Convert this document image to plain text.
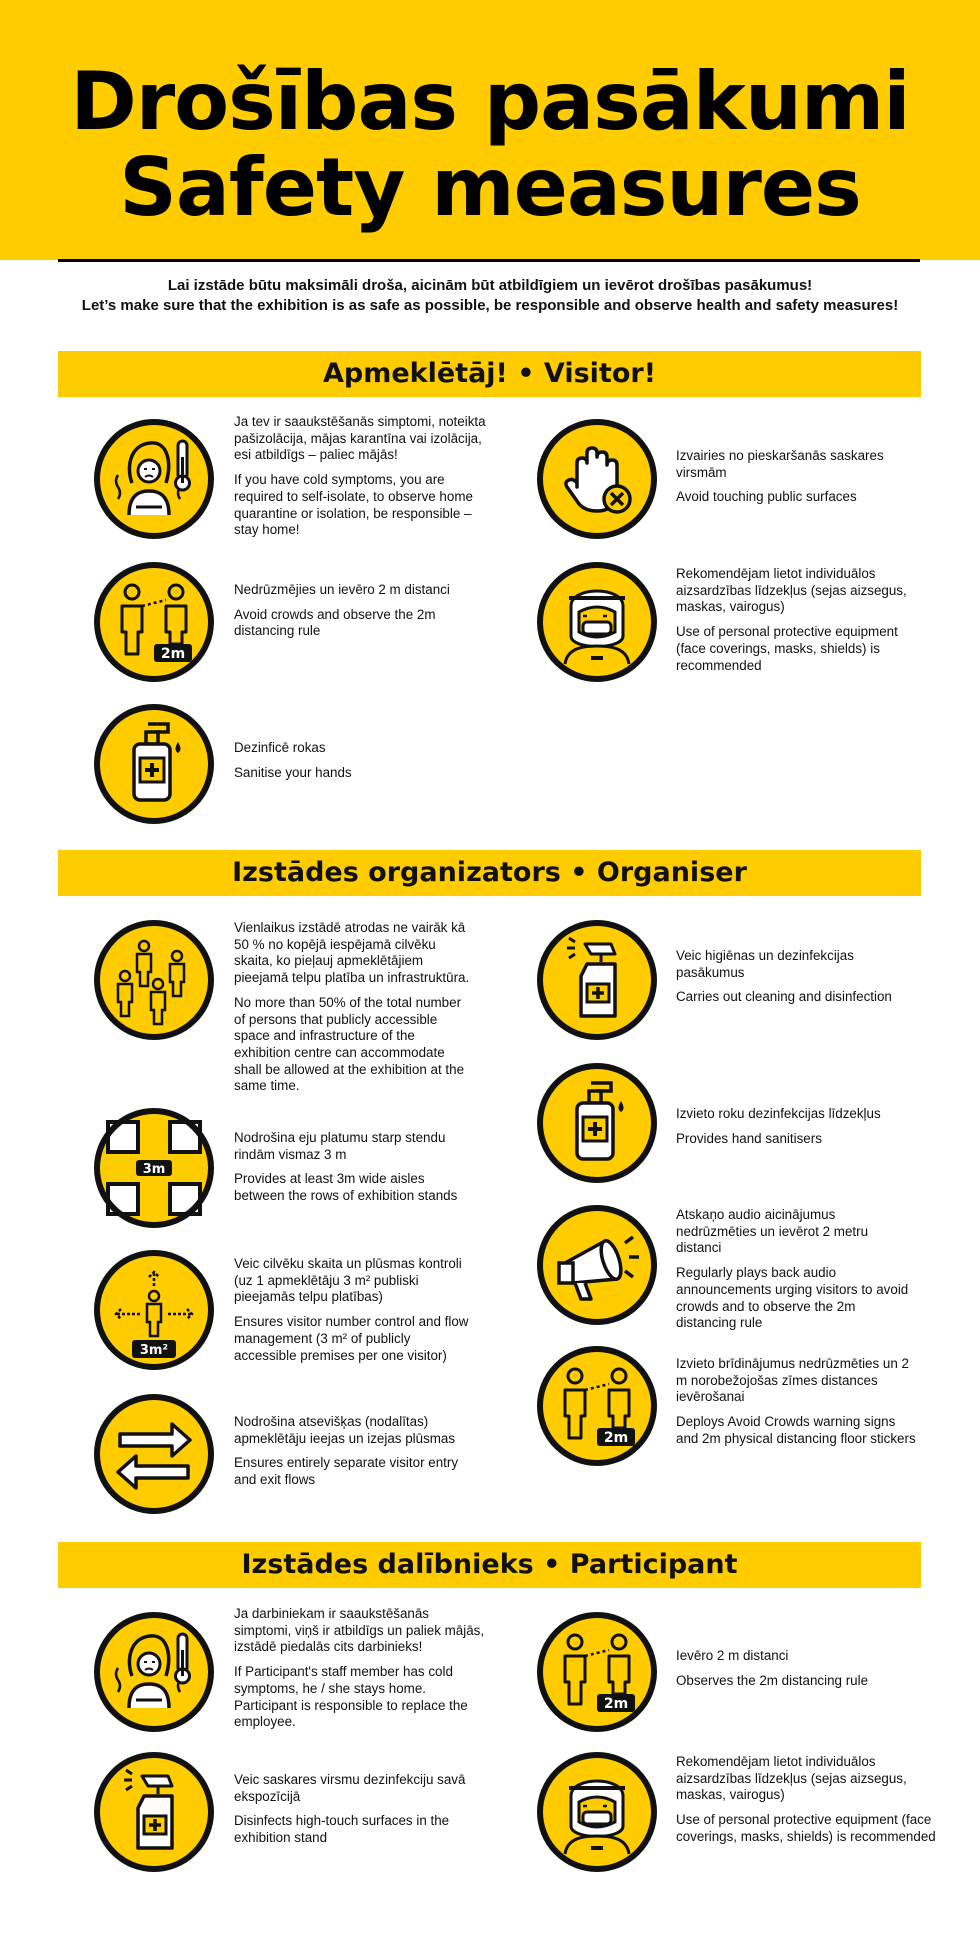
Drošības pasākumi
Safety measures
Lai izstāde būtu maksimāli droša, aicinām būt atbildīgiem un ievērot drošības pasākumus!
Let’s make sure that the exhibition is as safe as possible, be responsible and observe health and safety measures!
Apmeklētāj! • Visitor!

Ja tev ir saaukstēšanās simptomi, noteikta pašizolācija, mājas karantīna vai izolācija, esi atbildīgs – paliec mājās!

If you have cold symptoms, you are required to self-isolate, to observe home quarantine or isolation, be responsible – stay home!

Izvairies no pieskaršanās saskares virsmām

Avoid touching public surfaces

2m

Nedrūzmējies un ievēro 2 m distanci

Avoid crowds and observe the 2m distancing rule

Rekomendējam lietot individuālos aizsardzības līdzekļus (sejas aizsegus, maskas, vairogus)

Use of personal protective equipment (face coverings, masks, shields) is recommended

Dezinficē rokas

Sanitise your hands

Izstādes organizators • Organiser

Vienlaikus izstādē atrodas ne vairāk kā 50 % no kopējā iespējamā cilvēku skaita, ko pieļauj apmeklētājiem pieejamā telpu platība un infrastruktūra.

No more than 50% of the total number of persons that publicly accessible space and infrastructure of the exhibition centre can accommodate shall be allowed at the exhibition at the same time.

Veic higiēnas un dezinfekcijas pasākumus

Carries out cleaning and disinfection

3m

Nodrošina eju platumu starp stendu rindām vismaz 3 m

Provides at least 3m wide aisles between the rows of exhibition stands

Izvieto roku dezinfekcijas līdzekļus

Provides hand sanitisers

3m²

Veic cilvēku skaita un plūsmas kontroli (uz 1 apmeklētāju 3 m² publiski pieejamās telpu platības)

Ensures visitor number control and flow management (3 m² of publicly accessible premises per one visitor)

Atskaņo audio aicinājumus nedrūzmēties un ievērot 2 metru distanci

Regularly plays back audio announcements urging visitors to avoid crowds and to observe the 2m distancing rule

Nodrošina atsevišķas (nodalītas) apmeklētāju ieejas un izejas plūsmas

Ensures entirely separate visitor entry and exit flows

2m

Izvieto brīdinājumus nedrūzmēties un 2 m norobežojošas zīmes distances ievērošanai

Deploys Avoid Crowds warning signs and 2m physical distancing floor stickers

Izstādes dalībnieks • Participant

Ja darbiniekam ir saaukstēšanās simptomi, viņš ir atbildīgs un paliek mājās, izstādē piedalās cits darbinieks!

If Participant's staff member has cold symptoms, he / she stays home. Participant is responsible to replace the employee.

2m

Ievēro 2 m distanci

Observes the 2m distancing rule

Veic saskares virsmu dezinfekciju savā ekspozīcijā

Disinfects high-touch surfaces in the exhibition stand

Rekomendējam lietot individuālos aizsardzības līdzekļus (sejas aizsegus, maskas, vairogus)

Use of personal protective equipment (face coverings, masks, shields) is recommended
